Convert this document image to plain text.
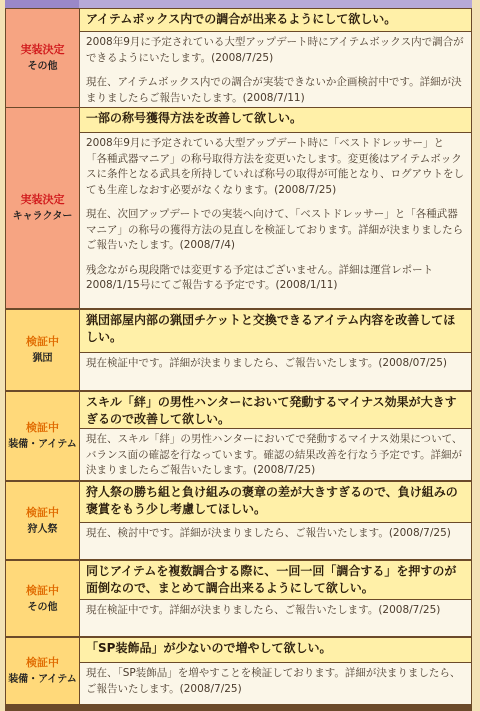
実装決定
その他
アイテムボックス内での調合が出来るようにして欲しい。

2008年9月に予定されている大型アップデート時にアイテムボックス内で調合ができるようにいたします。(2008/7/25)

現在、アイテムボックス内での調合が実装できないか企画検討中です。詳細が決まりましたらご報告いたします。(2008/7/11)

実装決定
キャラクター
一部の称号獲得方法を改善して欲しい。

2008年9月に予定されている大型アップデート時に「ベストドレッサー」と「各種武器マニア」の称号取得方法を変更いたします。変更後はアイテムボックスに条件となる武具を所持していれば称号の取得が可能となり、ログアウトをしても生産しなおす必要がなくなります。(2008/7/25)

現在、次回アップデートでの実装へ向けて、「ベストドレッサー」と「各種武器マニア」の称号の獲得方法の見直しを検証しております。詳細が決まりましたらご報告いたします。(2008/7/4)

残念ながら現段階では変更する予定はございません。詳細は運営レポート2008/1/15号にてご報告する予定です。(2008/1/11)

検証中
猟団
猟団部屋内部の猟団チケットと交換できるアイテム内容を改善してほしい。

現在検証中です。詳細が決まりましたら、ご報告いたします。(2008/07/25)

検証中
装備・アイテム
スキル「絆」の男性ハンターにおいて発動するマイナス効果が大きすぎるので改善して欲しい。

現在、スキル「絆」の男性ハンターにおいてで発動するマイナス効果について、バランス面の確認を行なっています。確認の結果改善を行なう予定です。詳細が決まりましたらご報告いたします。(2008/7/25)

検証中
狩人祭
狩人祭の勝ち組と負け組みの褒章の差が大きすぎるので、負け組みの褒賞をもう少し考慮してほしい。

現在、検討中です。詳細が決まりましたら、ご報告いたします。(2008/7/25)

検証中
その他
同じアイテムを複数調合する際に、一回一回「調合する」を押すのが面倒なので、まとめて調合出来るようにして欲しい。

現在検証中です。詳細が決まりましたら、ご報告いたします。(2008/7/25)

検証中
装備・アイテム
「SP装飾品」が少ないので増やして欲しい。

現在、「SP装飾品」を増やすことを検証しております。詳細が決まりましたら、ご報告いたします。(2008/7/25)
